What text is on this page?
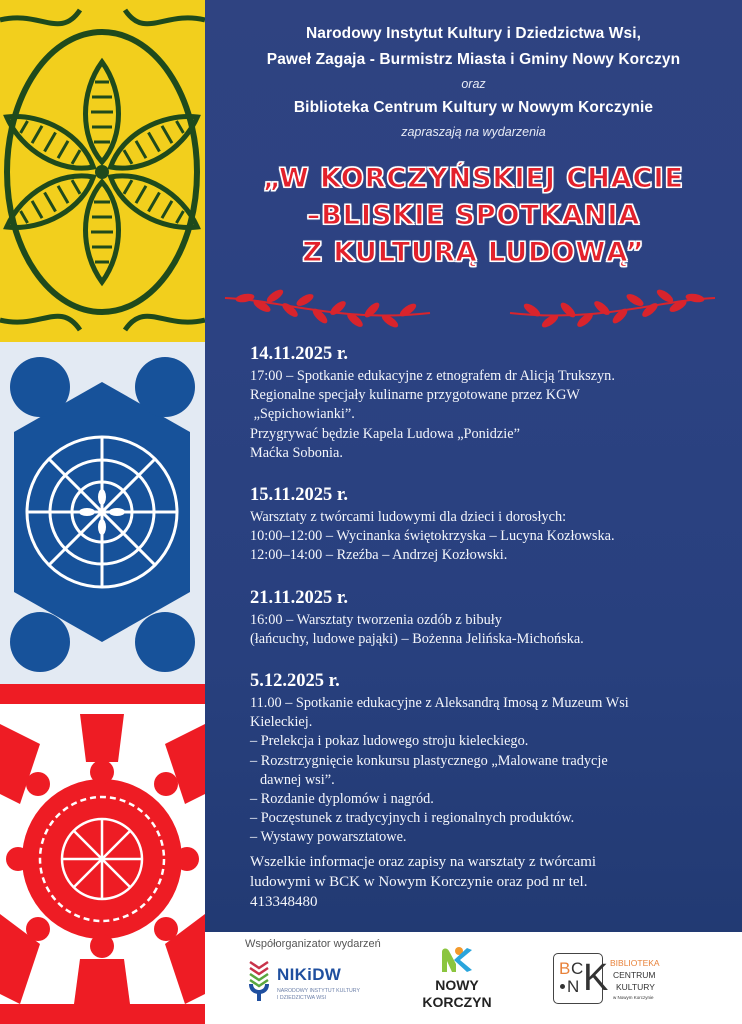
Narodowy Instytut Kultury i Dziedzictwa Wsi,
Paweł Zagaja - Burmistrz Miasta i Gminy Nowy Korczyn
oraz
Biblioteka Centrum Kultury w Nowym Korczynie
zapraszają na wydarzenia
„W KORCZYŃSKIEJ CHACIE
–BLISKIE SPOTKANIA
Z KULTURĄ LUDOWĄ”
14.11.2025 r.
17:00 – Spotkanie edukacyjne z etnografem dr Alicją Trukszyn.
Regionalne specjały kulinarne przygotowane przez KGW
„Sępichowianki”.
Przygrywać będzie Kapela Ludowa „Ponidzie”
Maćka Sobonia.
15.11.2025 r.
Warsztaty z twórcami ludowymi dla dzieci i dorosłych:
10:00–12:00 – Wycinanka świętokrzyska – Lucyna Kozłowska.
12:00–14:00 – Rzeźba – Andrzej Kozłowski.
21.11.2025 r.
16:00 – Warsztaty tworzenia ozdób z bibuły
(łańcuchy, ludowe pająki) – Bożenna Jelińska-Michońska.
5.12.2025 r.
11.00 – Spotkanie edukacyjne z Aleksandrą Imosą z Muzeum Wsi
Kieleckiej.
– Prelekcja i pokaz ludowego stroju kieleckiego.
– Rozstrzygnięcie konkursu plastycznego „Malowane tradycje
dawnej wsi”.
– Rozdanie dyplomów i nagród.
– Poczęstunek z tradycyjnych i regionalnych produktów.
– Wystawy powarsztatowe.
Wszelkie informacje oraz zapisy na warsztaty z twórcami
ludowymi w BCK w Nowym Korczynie oraz pod nr tel.
413348480
Współorganizator wydarzeń
NIKiDW
NARODOWY INSTYTUT KULTURY
I DZIEDZICTWA WSI
NOWY
KORCZYN
B C
N K BIBLIOTEKA
CENTRUM
KULTURY
w Nowym Korczynie
